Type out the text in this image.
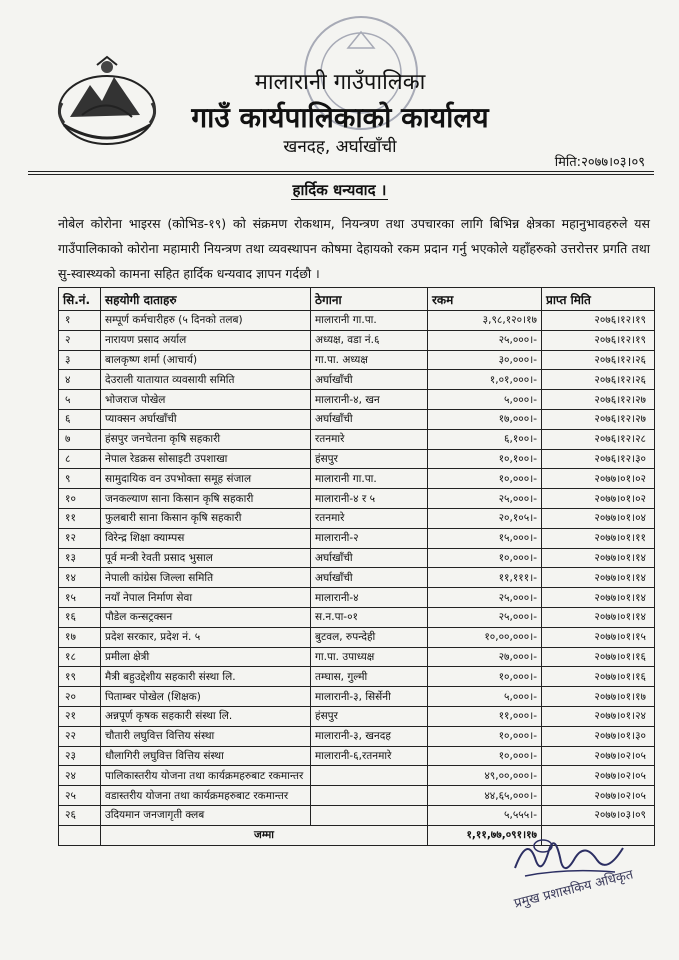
मालारानी गाउँपालिका
गाउँ कार्यपालिकाको कार्यालय
खनदह, अर्घाखाँची
मिति:२०७७।०३।०९
हार्दिक धन्यवाद ।
नोबेल कोरोना भाइरस (कोभिड-१९) को संक्रमण रोकथाम, नियन्त्रण तथा उपचारका लागि बिभिन्न क्षेत्रका महानुभावहरुले यस गाउँपालिकाको कोरोना महामारी नियन्त्रण तथा व्यवस्थापन कोषमा देहायको रकम प्रदान गर्नु भएकोले यहाँहरुको उत्तरोत्तर प्रगति तथा सु-स्वास्थ्यको कामना सहित हार्दिक धन्यवाद ज्ञापन गर्दछौ ।
सि.नं.	सहयोगी दाताहरु	ठेगाना	रकम	प्राप्त मिति
१	सम्पूर्ण कर्मचारीहरु (५ दिनको तलब)	मालारानी गा.पा.	३,९८,१२०।१७	२०७६।१२।१९
२	नारायण प्रसाद अर्याल	अध्यक्ष, वडा नं.६	२५,०००।-	२०७६।१२।१९
३	बालकृष्ण शर्मा (आचार्य)	गा.पा. अध्यक्ष	३०,०००।-	२०७६।१२।२६
४	देउराली यातायात व्यवसायी समिति	अर्घाखाँची	१,०१,०००।-	२०७६।१२।२६
५	भोजराज पोखेल	मालारानी-४, खन	५,०००।-	२०७६।१२।२७
६	प्याक्सन अर्घाखाँची	अर्घाखाँची	१७,०००।-	२०७६।१२।२७
७	हंसपुर जनचेतना कृषि सहकारी	रतनमारे	६,१००।-	२०७६।१२।२८
८	नेपाल रेडक्रस सोसाइटी उपशाखा	हंसपुर	१०,१००।-	२०७६।१२।३०
९	सामुदायिक वन उपभोक्ता समूह संजाल	मालारानी गा.पा.	१०,०००।-	२०७७।०१।०२
१०	जनकल्याण साना किसान कृषि सहकारी	मालारानी-४ र ५	२५,०००।-	२०७७।०१।०२
११	फुलबारी साना किसान कृषि सहकारी	रतनमारे	२०,१०५।-	२०७७।०१।०४
१२	विरेन्द्र शिक्षा क्याम्पस	मालारानी-२	१५,०००।-	२०७७।०१।११
१३	पूर्व मन्त्री रेवती प्रसाद भुसाल	अर्घाखाँची	१०,०००।-	२०७७।०१।१४
१४	नेपाली कांग्रेस जिल्ला समिति	अर्घाखाँची	११,१११।-	२०७७।०१।१४
१५	नयाँ नेपाल निर्माण सेवा	मालारानी-४	२५,०००।-	२०७७।०१।१४
१६	पौडेल कन्सट्रक्सन	स.न.पा-०१	२५,०००।-	२०७७।०१।१४
१७	प्रदेश सरकार, प्रदेश नं. ५	बुटवल, रुपन्देही	१०,००,०००।-	२०७७।०१।१५
१८	प्रमीला क्षेत्री	गा.पा. उपाध्यक्ष	२७,०००।-	२०७७।०१।१६
१९	मैत्री बहुउद्देशीय सहकारी संस्था लि.	तम्घास, गुल्मी	१०,०००।-	२०७७।०१।१६
२०	पिताम्बर पोखेल (शिक्षक)	मालारानी-३, सिर्सेनी	५,०००।-	२०७७।०१।१७
२१	अन्नपूर्ण कृषक सहकारी संस्था लि.	हंसपुर	११,०००।-	२०७७।०१।२४
२२	चौतारी लघुवित्त वित्तिय संस्था	मालारानी-३, खनदह	१०,०००।-	२०७७।०१।३०
२३	धौलागिरी लघुवित्त वित्तिय संस्था	मालारानी-६,रतनमारे	१०,०००।-	२०७७।०२।०५
२४	पालिकास्तरीय योजना तथा कार्यक्रमहरुबाट रकमान्तर		४९,००,०००।-	२०७७।०२।०५
२५	वडास्तरीय योजना तथा कार्यक्रमहरुबाट रकमान्तर		४४,६५,०००।-	२०७७।०२।०५
२६	उदियमान जनजागृती क्लब		५,५५५।-	२०७७।०३।०९
	जम्मा		१,११,७७,०९१।१७	
प्रमुख प्रशासकिय अधिकृत
